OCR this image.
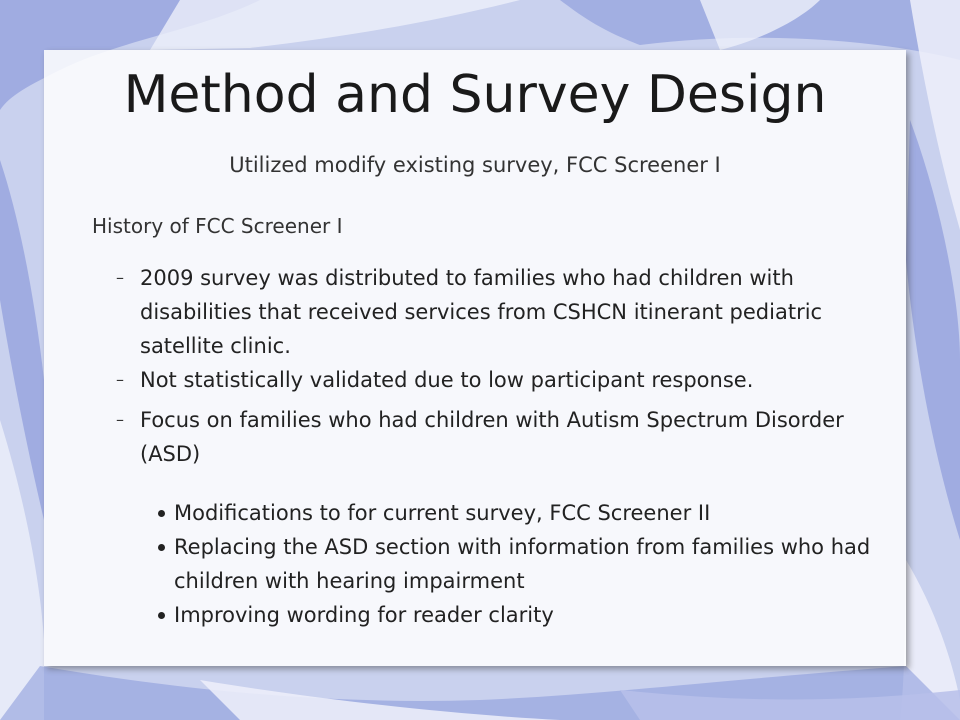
Method and Survey Design
Utilized modify existing survey, FCC Screener I
History of FCC Screener I
– 2009 survey was distributed to families who had children with disabilities that received services from CSHCN itinerant pediatric satellite clinic.
– Not statistically validated due to low participant response.
– Focus on families who had children with Autism Spectrum Disorder (ASD)
Modifications to for current survey, FCC Screener II
Replacing the ASD section with information from families who had children with hearing impairment
Improving wording for reader clarity
